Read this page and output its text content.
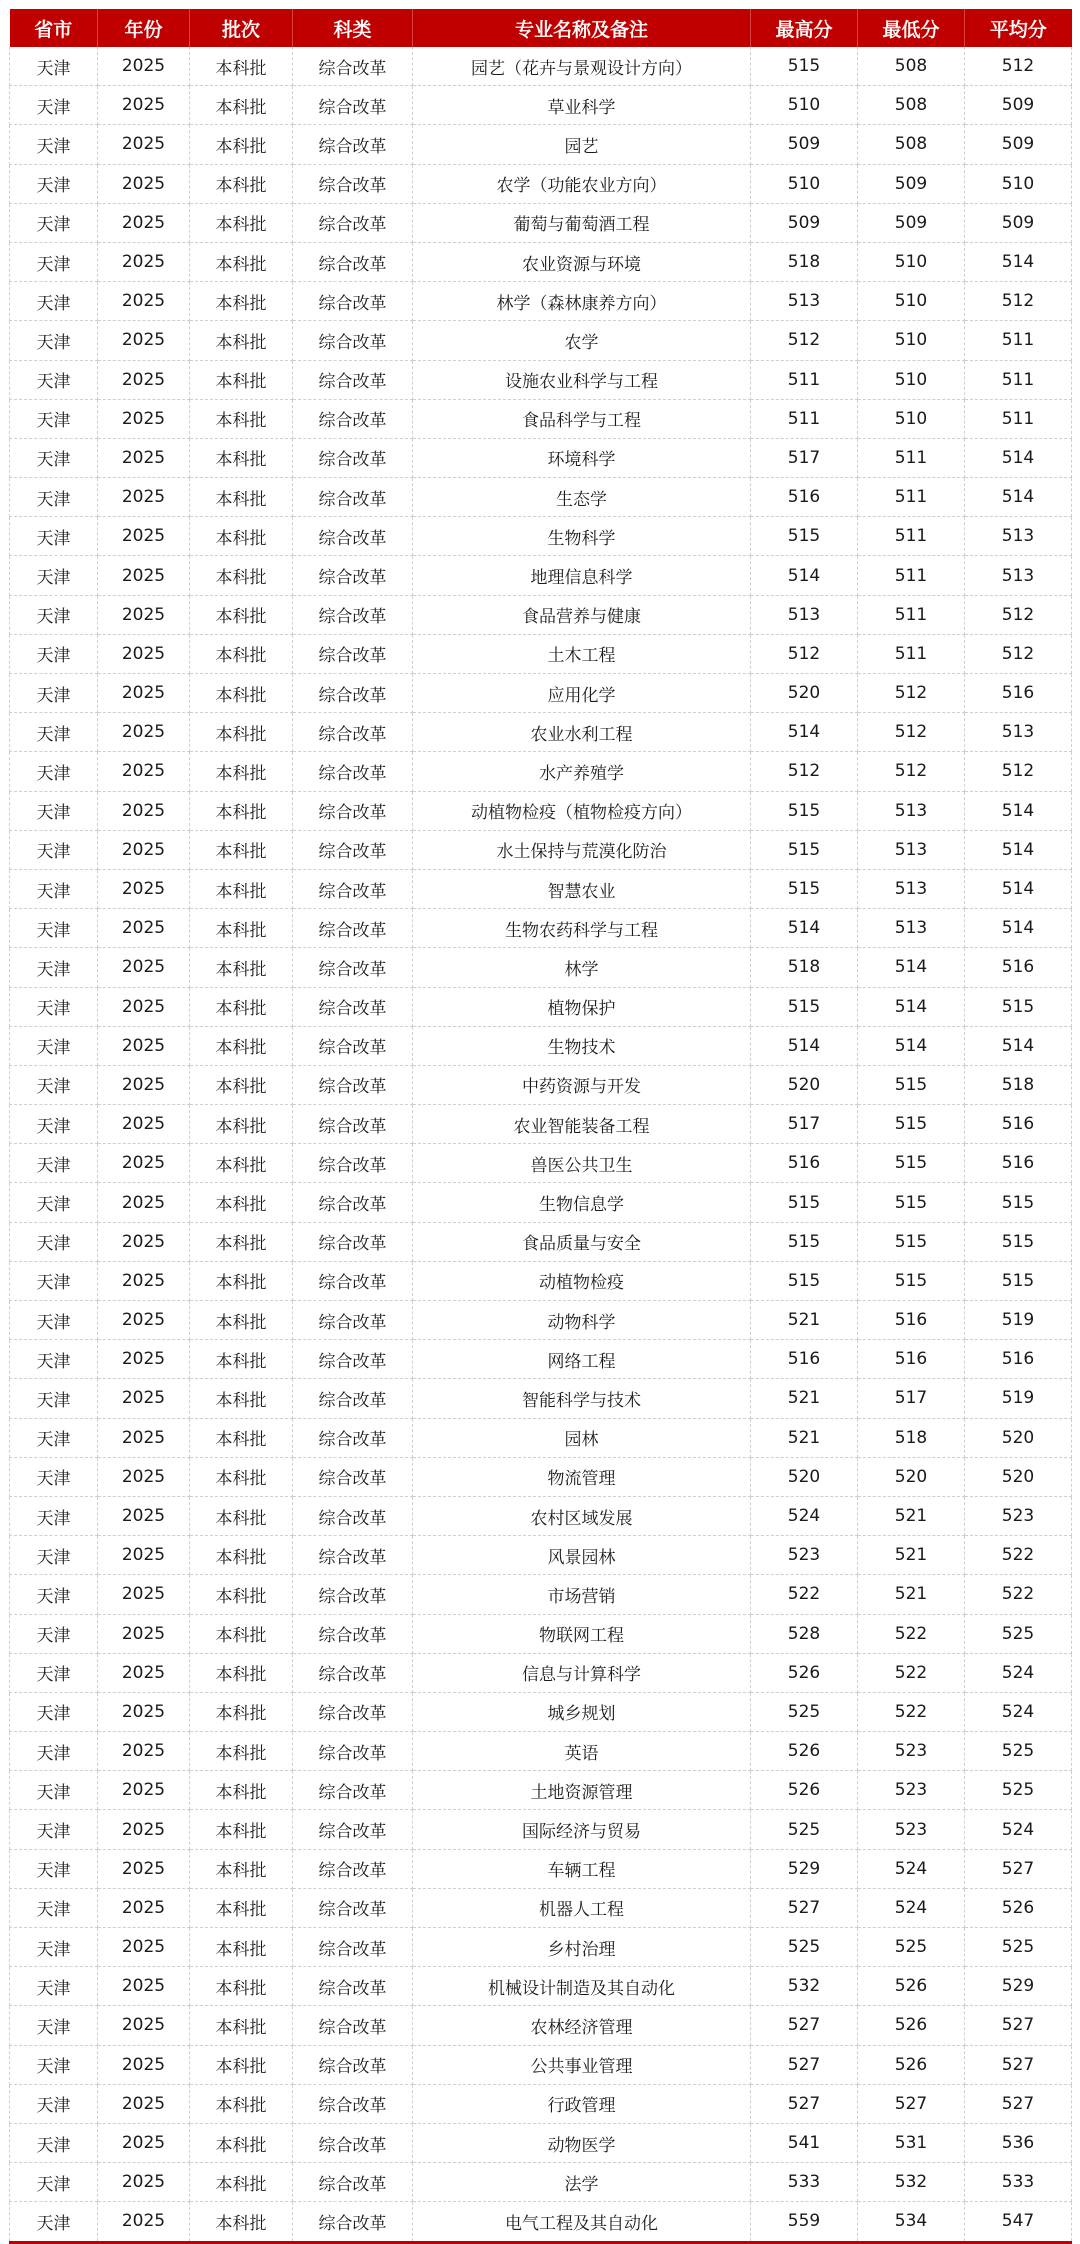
省市	年份	批次	科类	专业名称及备注	最高分	最低分	平均分
天津	2025	本科批	综合改革	园艺（花卉与景观设计方向）	515	508	512
天津	2025	本科批	综合改革	草业科学	510	508	509
天津	2025	本科批	综合改革	园艺	509	508	509
天津	2025	本科批	综合改革	农学（功能农业方向）	510	509	510
天津	2025	本科批	综合改革	葡萄与葡萄酒工程	509	509	509
天津	2025	本科批	综合改革	农业资源与环境	518	510	514
天津	2025	本科批	综合改革	林学（森林康养方向）	513	510	512
天津	2025	本科批	综合改革	农学	512	510	511
天津	2025	本科批	综合改革	设施农业科学与工程	511	510	511
天津	2025	本科批	综合改革	食品科学与工程	511	510	511
天津	2025	本科批	综合改革	环境科学	517	511	514
天津	2025	本科批	综合改革	生态学	516	511	514
天津	2025	本科批	综合改革	生物科学	515	511	513
天津	2025	本科批	综合改革	地理信息科学	514	511	513
天津	2025	本科批	综合改革	食品营养与健康	513	511	512
天津	2025	本科批	综合改革	土木工程	512	511	512
天津	2025	本科批	综合改革	应用化学	520	512	516
天津	2025	本科批	综合改革	农业水利工程	514	512	513
天津	2025	本科批	综合改革	水产养殖学	512	512	512
天津	2025	本科批	综合改革	动植物检疫（植物检疫方向）	515	513	514
天津	2025	本科批	综合改革	水土保持与荒漠化防治	515	513	514
天津	2025	本科批	综合改革	智慧农业	515	513	514
天津	2025	本科批	综合改革	生物农药科学与工程	514	513	514
天津	2025	本科批	综合改革	林学	518	514	516
天津	2025	本科批	综合改革	植物保护	515	514	515
天津	2025	本科批	综合改革	生物技术	514	514	514
天津	2025	本科批	综合改革	中药资源与开发	520	515	518
天津	2025	本科批	综合改革	农业智能装备工程	517	515	516
天津	2025	本科批	综合改革	兽医公共卫生	516	515	516
天津	2025	本科批	综合改革	生物信息学	515	515	515
天津	2025	本科批	综合改革	食品质量与安全	515	515	515
天津	2025	本科批	综合改革	动植物检疫	515	515	515
天津	2025	本科批	综合改革	动物科学	521	516	519
天津	2025	本科批	综合改革	网络工程	516	516	516
天津	2025	本科批	综合改革	智能科学与技术	521	517	519
天津	2025	本科批	综合改革	园林	521	518	520
天津	2025	本科批	综合改革	物流管理	520	520	520
天津	2025	本科批	综合改革	农村区域发展	524	521	523
天津	2025	本科批	综合改革	风景园林	523	521	522
天津	2025	本科批	综合改革	市场营销	522	521	522
天津	2025	本科批	综合改革	物联网工程	528	522	525
天津	2025	本科批	综合改革	信息与计算科学	526	522	524
天津	2025	本科批	综合改革	城乡规划	525	522	524
天津	2025	本科批	综合改革	英语	526	523	525
天津	2025	本科批	综合改革	土地资源管理	526	523	525
天津	2025	本科批	综合改革	国际经济与贸易	525	523	524
天津	2025	本科批	综合改革	车辆工程	529	524	527
天津	2025	本科批	综合改革	机器人工程	527	524	526
天津	2025	本科批	综合改革	乡村治理	525	525	525
天津	2025	本科批	综合改革	机械设计制造及其自动化	532	526	529
天津	2025	本科批	综合改革	农林经济管理	527	526	527
天津	2025	本科批	综合改革	公共事业管理	527	526	527
天津	2025	本科批	综合改革	行政管理	527	527	527
天津	2025	本科批	综合改革	动物医学	541	531	536
天津	2025	本科批	综合改革	法学	533	532	533
天津	2025	本科批	综合改革	电气工程及其自动化	559	534	547
